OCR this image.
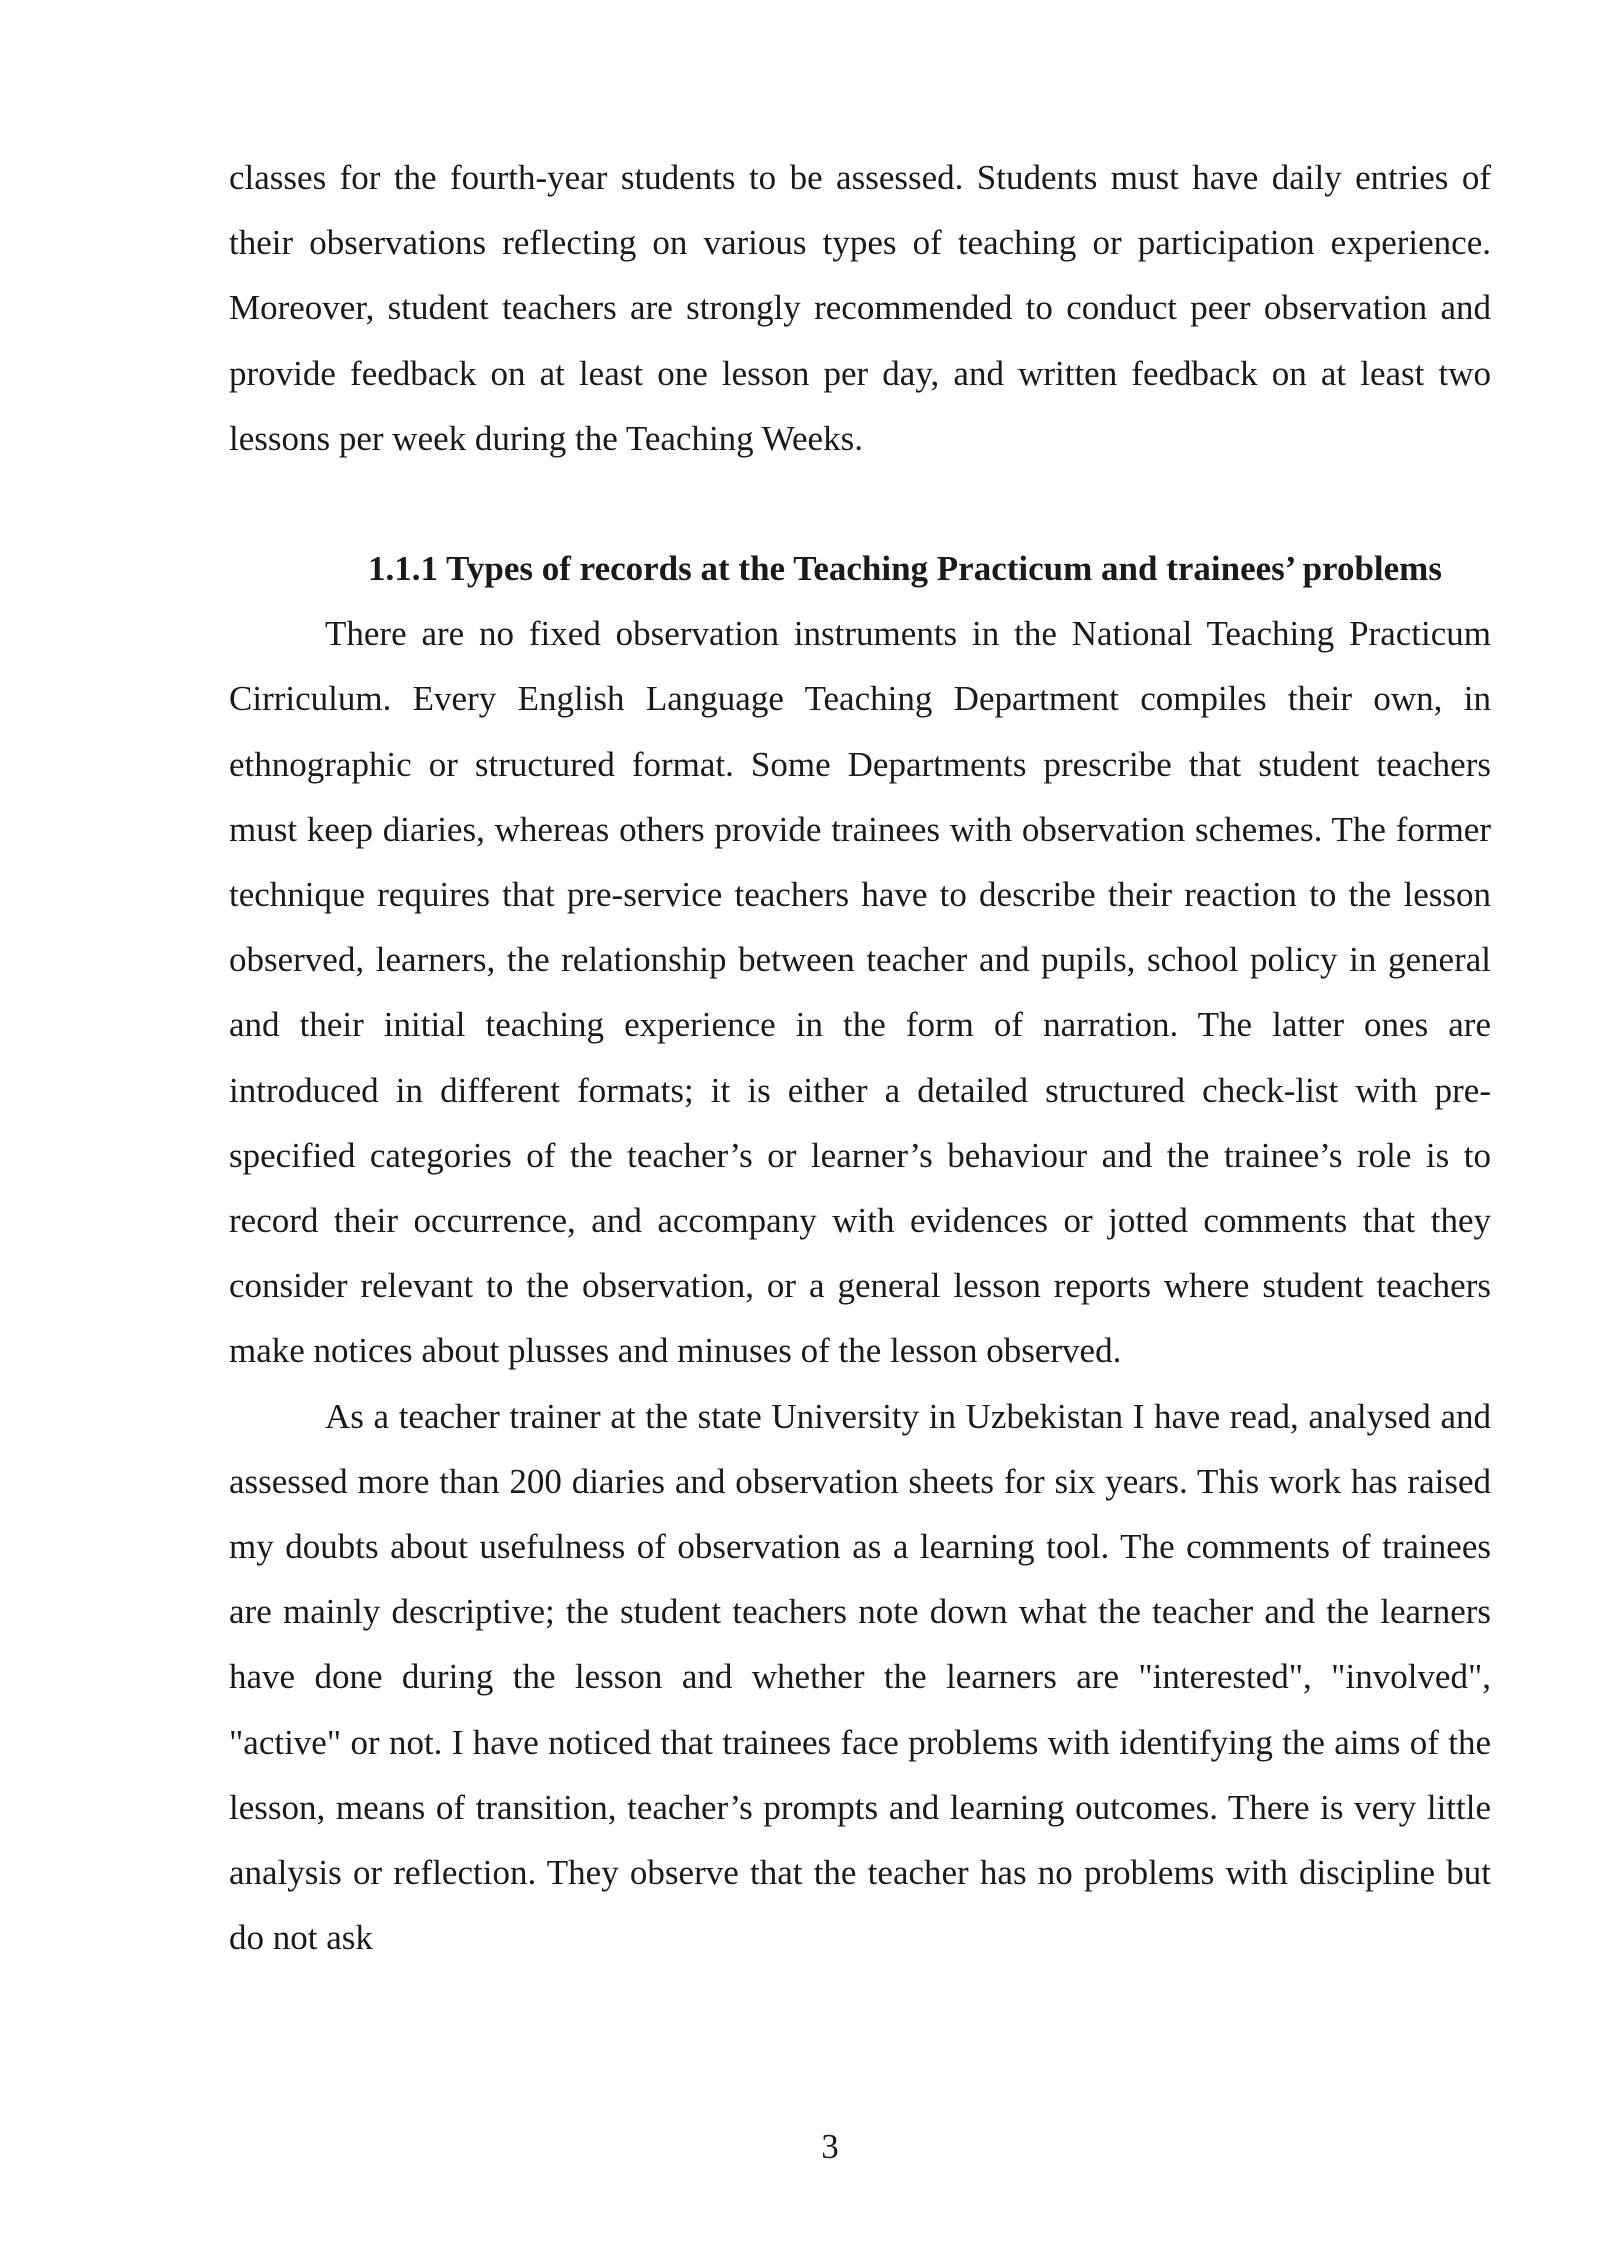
classes for the fourth-year students to be assessed. Students must have daily entries of their observations reflecting on various types of teaching or participation experience. Moreover, student teachers are strongly recommended to conduct peer observation and provide feedback on at least one lesson per day, and written feedback on at least two lessons per week during the Teaching Weeks.

1.1.1 Types of records at the Teaching Practicum and trainees’ problems

There are no fixed observation instruments in the National Teaching Practicum Cirriculum. Every English Language Teaching Department compiles their own, in ethnographic or structured format. Some Departments prescribe that student teachers must keep diaries, whereas others provide trainees with observation schemes. The former technique requires that pre-service teachers have to describe their reaction to the lesson observed, learners, the relationship between teacher and pupils, school policy in general and their initial teaching experience in the form of narration. The latter ones are introduced in different formats; it is either a detailed structured check-list with pre-specified categories of the teacher’s or learner’s behaviour and the trainee’s role is to record their occurrence, and accompany with evidences or jotted comments that they consider relevant to the observation, or a general lesson reports where student teachers make notices about plusses and minuses of the lesson observed.

As a teacher trainer at the state University in Uzbekistan I have read, analysed and assessed more than 200 diaries and observation sheets for six years. This work has raised my doubts about usefulness of observation as a learning tool. The comments of trainees are mainly descriptive; the student teachers note down what the teacher and the learners have done during the lesson and whether the learners are "interested", "involved", "active" or not. I have noticed that trainees face problems with identifying the aims of the lesson, means of transition, teacher’s prompts and learning outcomes. There is very little analysis or reflection. They observe that the teacher has no problems with discipline but do not ask

3
